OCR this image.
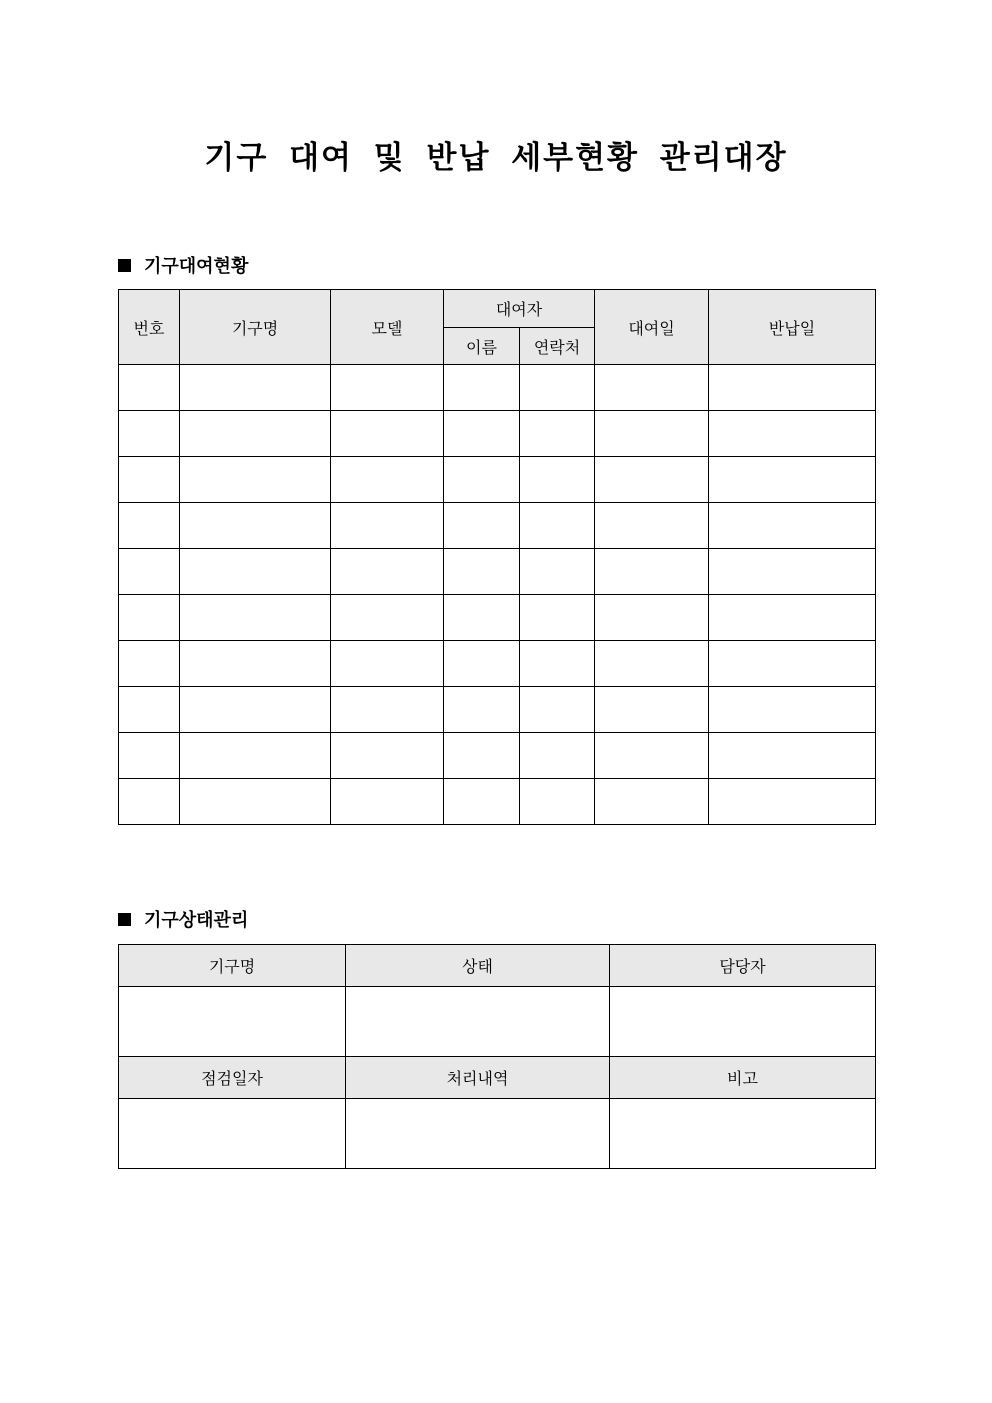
기구 대여 및 반납 세부현황 관리대장
기구대여현황
번호	기구명	모델	대여자		대여일	반납일
			이름	연락처		

기구상태관리
기구명	상태	담당자

점검일자	처리내역	비고
